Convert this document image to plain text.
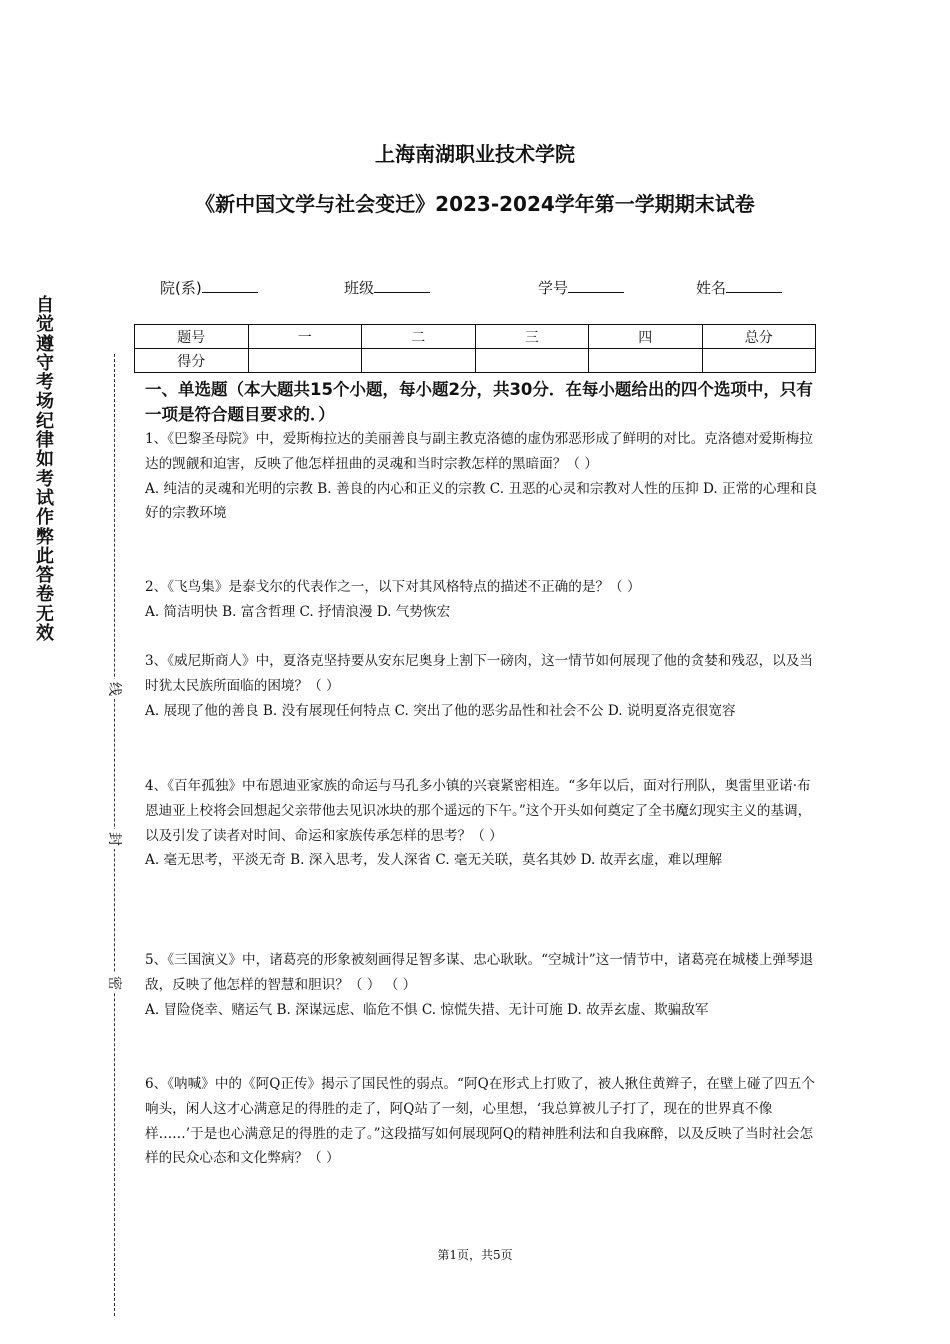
自
觉
遵
守
考
场
纪
律
如
考
试
作
弊
此
答
卷
无
效
线
封
密
上海南湖职业技术学院
《新中国文学与社会变迁》2023-2024学年第一学期期末试卷
院(系)	班级	学号	姓名
题号	一	二	三	四	总分
得分					
一、单选题（本大题共15个小题，每小题2分，共30分．在每小题给出的四个选项中，只有一项是符合题目要求的．）

1、《巴黎圣母院》中，爱斯梅拉达的美丽善良与副主教克洛德的虚伪邪恶形成了鲜明的对比。克洛德对爱斯梅拉达的觊觎和迫害，反映了他怎样扭曲的灵魂和当时宗教怎样的黑暗面？（ ）

A. 纯洁的灵魂和光明的宗教 B. 善良的内心和正义的宗教 C. 丑恶的心灵和宗教对人性的压抑 D. 正常的心理和良好的宗教环境

2、《飞鸟集》是泰戈尔的代表作之一，以下对其风格特点的描述不正确的是？（ ）

A. 简洁明快 B. 富含哲理 C. 抒情浪漫 D. 气势恢宏

3、《威尼斯商人》中，夏洛克坚持要从安东尼奥身上割下一磅肉，这一情节如何展现了他的贪婪和残忍，以及当时犹太民族所面临的困境？（ ）

A. 展现了他的善良 B. 没有展现任何特点 C. 突出了他的恶劣品性和社会不公 D. 说明夏洛克很宽容

4、《百年孤独》中布恩迪亚家族的命运与马孔多小镇的兴衰紧密相连。“多年以后，面对行刑队，奥雷里亚诺·布恩迪亚上校将会回想起父亲带他去见识冰块的那个遥远的下午。”这个开头如何奠定了全书魔幻现实主义的基调，以及引发了读者对时间、命运和家族传承怎样的思考？（ ）

A. 毫无思考，平淡无奇 B. 深入思考，发人深省 C. 毫无关联，莫名其妙 D. 故弄玄虚，难以理解

5、《三国演义》中，诸葛亮的形象被刻画得足智多谋、忠心耿耿。“空城计”这一情节中，诸葛亮在城楼上弹琴退敌，反映了他怎样的智慧和胆识？（ ） （ ）

A. 冒险侥幸、赌运气 B. 深谋远虑、临危不惧 C. 惊慌失措、无计可施 D. 故弄玄虚、欺骗敌军

6、《呐喊》中的《阿Q正传》揭示了国民性的弱点。“阿Q在形式上打败了，被人揪住黄辫子，在壁上碰了四五个响头，闲人这才心满意足的得胜的走了，阿Q站了一刻，心里想，‘我总算被儿子打了，现在的世界真不像样……’于是也心满意足的得胜的走了。”这段描写如何展现阿Q的精神胜利法和自我麻醉，以及反映了当时社会怎样的民众心态和文化弊病？（ ）

第1页，共5页
